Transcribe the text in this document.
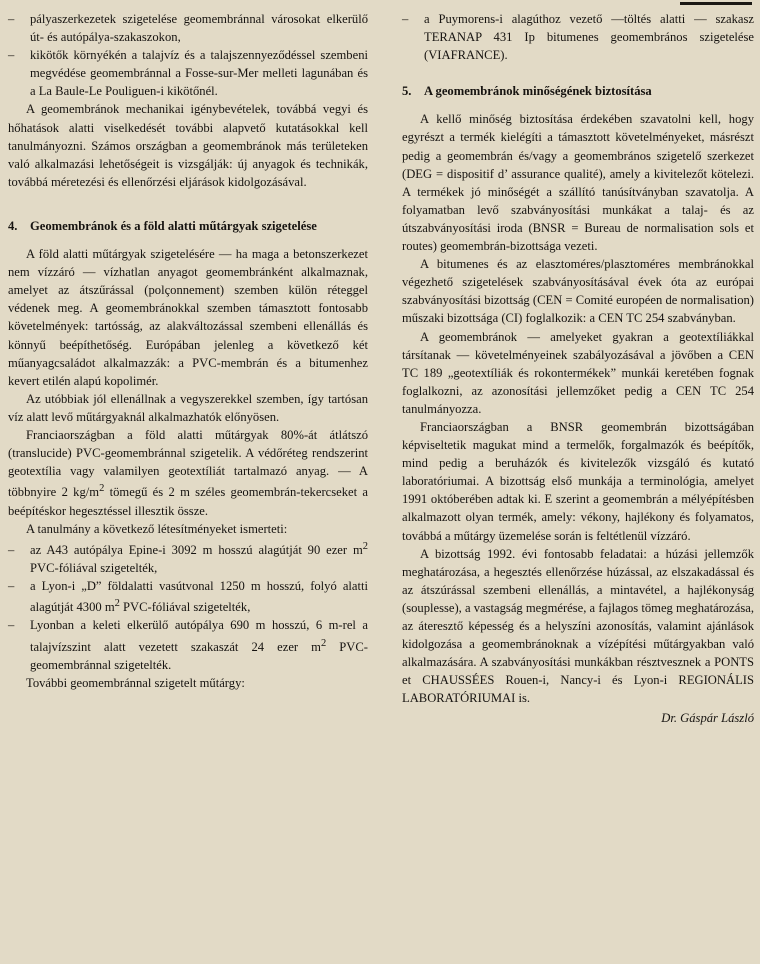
– pályaszerkezetek szigetelése geomembránnal városokat elkerülő út- és autópálya-szakaszokon,

– kikötők környékén a talajvíz és a talajszennyeződéssel szembeni megvédése geomembránnal a Fosse-sur-Mer melleti lagunában és a La Baule-Le Pouliguen-i kikötőnél.

A geomembránok mechanikai igénybevételek, továbbá vegyi és hőhatások alatti viselkedését további alapvető kutatásokkal kell tanulmányozni. Számos országban a geomembránok más területeken való alkalmazási lehetőségeit is vizsgálják: új anyagok és technikák, továbbá méretezési és ellenőrzési eljárások kidolgozásával.

4. Geomembránok és a föld alatti műtárgyak szigetelése

A föld alatti műtárgyak szigetelésére — ha maga a betonszerkezet nem vízzáró — vízhatlan anyagot geomembránként alkalmaznak, amelyet az átszűrással (polçonnement) szemben külön réteggel védenek meg. A geomembránokkal szemben támasztott fontosabb követelmények: tartósság, az alakváltozással szembeni ellenállás és könnyű beépíthetőség. Európában jelenleg a következő két műanyagcsaládot alkalmazzák: a PVC-membrán és a bitumenhez kevert etilén alapú kopolimér.

Az utóbbiak jól ellenállnak a vegyszerekkel szemben, így tartósan víz alatt levő műtárgyaknál alkalmazhatók előnyösen.

Franciaországban a föld alatti műtárgyak 80%-át átlátszó (translucide) PVC-geomembránnal szigetelik. A védőréteg rendszerint geotextília vagy valamilyen geotextíliát tartalmazó anyag. — A többnyire 2 $kg/m^2$ tömegű és 2 m széles geomembrán-tekercseket a beépítéskor hegesztéssel illesztik össze.

A tanulmány a következő létesítményeket ismerteti:

– az A43 autópálya Epine-i 3092 m hosszú alagútját 90 ezer $m^2$ PVC-fóliával szigetelték,

– a Lyon-i „D” földalatti vasútvonal 1250 m hosszú, folyó alatti alagútját 4300 $m^2$ PVC-fóliával szigetelték,

– Lyonban a keleti elkerülő autópálya 690 m hosszú, 6 m-rel a talajvízszint alatt vezetett szakaszát 24 ezer $m^2$ PVC- geomembránnal szigetelték.

További geomembránnal szigetelt műtárgy:

– a Puymorens-i alagúthoz vezető —töltés alatti — szakasz TERANAP 431 Ip bitumenes geomembrános szigetelése (VIAFRANCE).

5. A geomembránok minőségének biztosítása

A kellő minőség biztosítása érdekében szavatolni kell, hogy egyrészt a termék kielégíti a támasztott követelményeket, másrészt pedig a geomembrán és/vagy a geomembrános szigetelő szerkezet (DEG = dispositif d’ assurance qualité), amely a kivitelezőt kötelezi. A termékek jó minőségét a szállító tanúsítványban szavatolja. A folyamatban levő szabványosítási munkákat a talaj- és az útszabványosítási iroda (BNSR = Bureau de normalisation sols et routes) geomembrán-bizottsága vezeti.

A bitumenes és az elasztoméres/plasztoméres membránokkal végezhető szigetelések szabványosításával évek óta az európai szabványosítási bizottság (CEN = Comité européen de normalisation) műszaki bizottsága (CI) foglalkozik: a CEN TC 254 szabványban.

A geomembránok — amelyeket gyakran a geotextíliákkal társítanak — követelményeinek szabályozásával a jövőben a CEN TC 189 „geotextíliák és rokontermékek” munkái keretében fognak foglalkozni, az azonosítási jellemzőket pedig a CEN TC 254 tanulmányozza.

Franciaországban a BNSR geomembrán bizottságában képviseltetik magukat mind a termelők, forgalmazók és beépítők, mind pedig a beruházók és kivitelezők vizsgáló és kutató laboratóriumai. A bizottság első munkája a terminológia, amelyet 1991 októberében adtak ki. E szerint a geomembrán a mélyépítésben alkalmazott olyan termék, amely: vékony, hajlékony és folyamatos, továbbá a műtárgy üzemelése során is feltétlenül vízzáró.

A bizottság 1992. évi fontosabb feladatai: a húzási jellemzők meghatározása, a hegesztés ellenőrzése húzással, az elszakadással és az átszúrással szembeni ellenállás, a mintavétel, a hajlékonyság (souplesse), a vastagság megmérése, a fajlagos tömeg meghatározása, az áteresztő képesség és a helyszíni azonosítás, valamint ajánlások kidolgozása a geomembránoknak a vízépítési műtárgyakban való alkalmazására. A szabványosítási munkákban résztvesznek a PONTS et CHAUSSÉES Rouen-i, Nancy-i és Lyon-i REGIONÁLIS LABORATÓRIUMAI is.

Dr. Gáspár László
